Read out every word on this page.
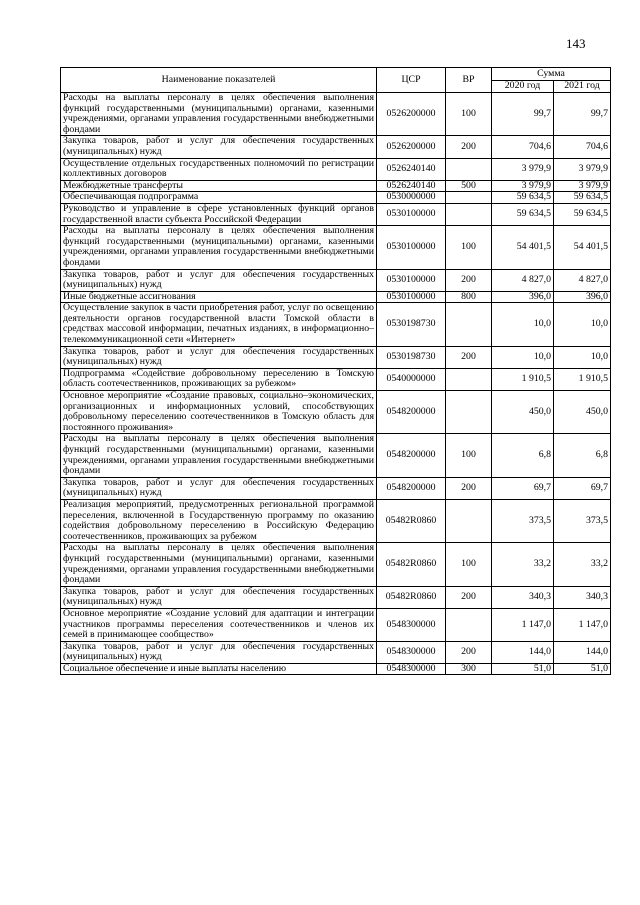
143
Наименование показателей	ЦСР	ВР	Сумма	
			2020 год	2021 год
Расходы на выплаты персоналу в целях обеспечения выполнения функций государственными (муниципальными) органами, казенными учреждениями, органами управления государственными внебюджетными фондами	0526200000	100	99,7	99,7
Закупка товаров, работ и услуг для обеспечения государственных (муниципальных) нужд	0526200000	200	704,6	704,6
Осуществление отдельных государственных полномочий по регистрации коллективных договоров	0526240140		3 979,9	3 979,9
Межбюджетные трансферты	0526240140	500	3 979,9	3 979,9
Обеспечивающая подпрограмма	0530000000		59 634,5	59 634,5
Руководство и управление в сфере установленных функций органов государственной власти субъекта Российской Федерации	0530100000		59 634,5	59 634,5
Расходы на выплаты персоналу в целях обеспечения выполнения функций государственными (муниципальными) органами, казенными учреждениями, органами управления государственными внебюджетными фондами	0530100000	100	54 401,5	54 401,5
Закупка товаров, работ и услуг для обеспечения государственных (муниципальных) нужд	0530100000	200	4 827,0	4 827,0
Иные бюджетные ассигнования	0530100000	800	396,0	396,0
Осуществление закупок в части приобретения работ, услуг по освещению деятельности органов государственной власти Томской области в средствах массовой информации, печатных изданиях, в информационно–телекоммуникационной сети «Интернет»	0530198730		10,0	10,0
Закупка товаров, работ и услуг для обеспечения государственных (муниципальных) нужд	0530198730	200	10,0	10,0
Подпрограмма «Содействие добровольному переселению в Томскую область соотечественников, проживающих за рубежом»	0540000000		1 910,5	1 910,5
Основное мероприятие «Создание правовых, социально–экономических, организационных и информационных условий, способствующих добровольному переселению соотечественников в Томскую область для постоянного проживания»	0548200000		450,0	450,0
Расходы на выплаты персоналу в целях обеспечения выполнения функций государственными (муниципальными) органами, казенными учреждениями, органами управления государственными внебюджетными фондами	0548200000	100	6,8	6,8
Закупка товаров, работ и услуг для обеспечения государственных (муниципальных) нужд	0548200000	200	69,7	69,7
Реализация мероприятий, предусмотренных региональной программой переселения, включенной в Государственную программу по оказанию содействия добровольному переселению в Российскую Федерацию соотечественников, проживающих за рубежом	05482R0860		373,5	373,5
Расходы на выплаты персоналу в целях обеспечения выполнения функций государственными (муниципальными) органами, казенными учреждениями, органами управления государственными внебюджетными фондами	05482R0860	100	33,2	33,2
Закупка товаров, работ и услуг для обеспечения государственных (муниципальных) нужд	05482R0860	200	340,3	340,3
Основное мероприятие «Создание условий для адаптации и интеграции участников программы переселения соотечественников и членов их семей в принимающее сообщество»	0548300000		1 147,0	1 147,0
Закупка товаров, работ и услуг для обеспечения государственных (муниципальных) нужд	0548300000	200	144,0	144,0
Социальное обеспечение и иные выплаты населению	0548300000	300	51,0	51,0
